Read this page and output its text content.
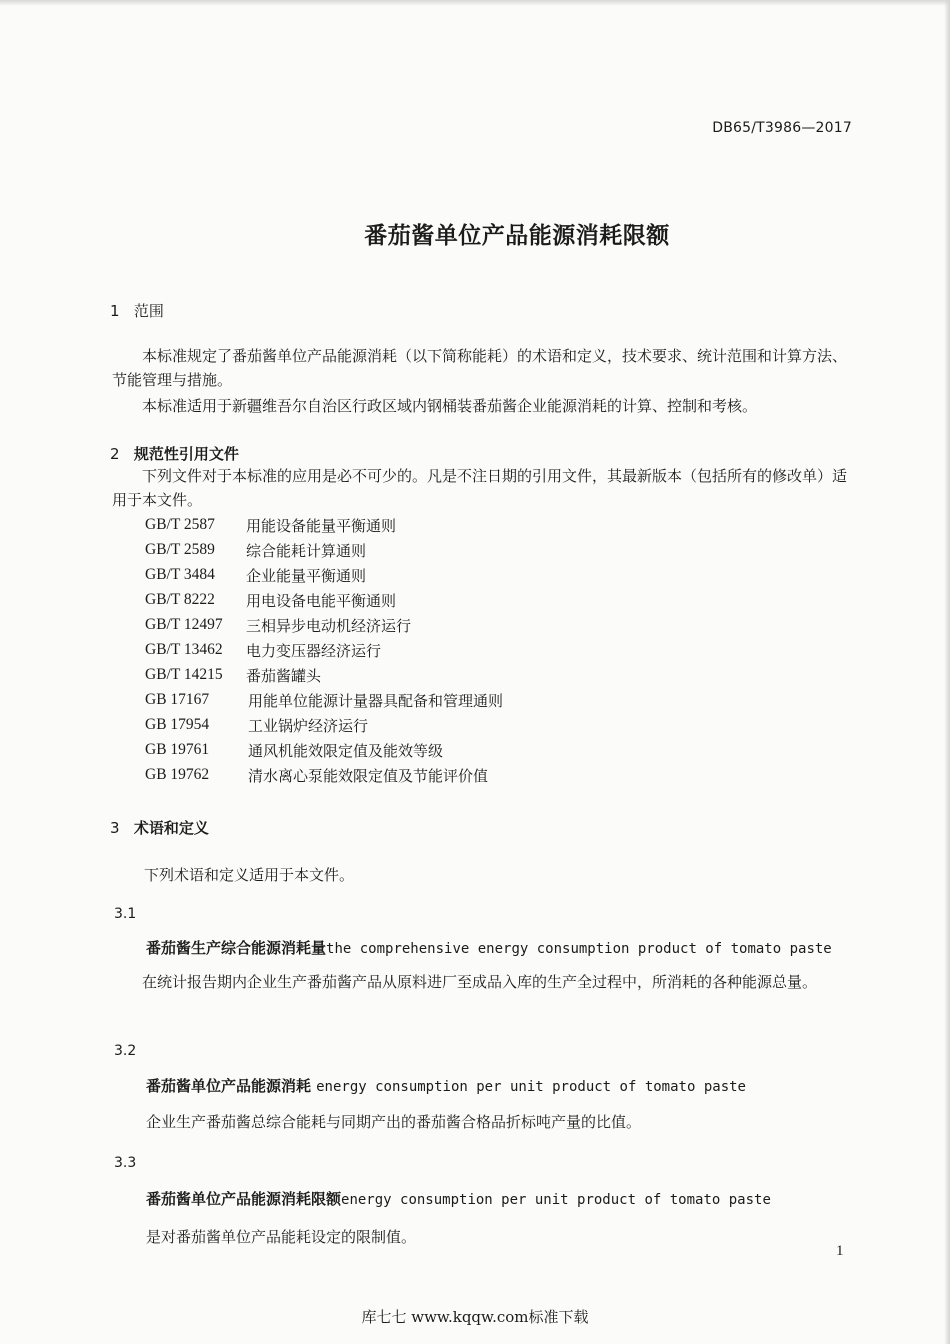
DB65/T3986—2017
番茄酱单位产品能源消耗限额
1 范围
本标准规定了番茄酱单位产品能源消耗（以下简称能耗）的术语和定义，技术要求、统计范围和计算方法、节能管理与措施。
本标准适用于新疆维吾尔自治区行政区域内钢桶装番茄酱企业能源消耗的计算、控制和考核。
2 规范性引用文件
下列文件对于本标准的应用是必不可少的。凡是不注日期的引用文件，其最新版本（包括所有的修改单）适用于本文件。
GB/T 2587 用能设备能量平衡通则
GB/T 2589 综合能耗计算通则
GB/T 3484 企业能量平衡通则
GB/T 8222 用电设备电能平衡通则
GB/T 12497 三相异步电动机经济运行
GB/T 13462 电力变压器经济运行
GB/T 14215 番茄酱罐头
GB 17167	用能单位能源计量器具配备和管理通则
GB 17954	工业锅炉经济运行
GB 19761	通风机能效限定值及能效等级
GB 19762	清水离心泵能效限定值及节能评价值
3 术语和定义
下列术语和定义适用于本文件。
3.1
番茄酱生产综合能源消耗量the comprehensive energy consumption product of tomato paste
在统计报告期内企业生产番茄酱产品从原料进厂至成品入库的生产全过程中，所消耗的各种能源总量。
3.2
番茄酱单位产品能源消耗 energy consumption per unit product of tomato paste
企业生产番茄酱总综合能耗与同期产出的番茄酱合格品折标吨产量的比值。
3.3
番茄酱单位产品能源消耗限额energy consumption per unit product of tomato paste
是对番茄酱单位产品能耗设定的限制值。
1
库七七 www.kqqw.com标准下载
